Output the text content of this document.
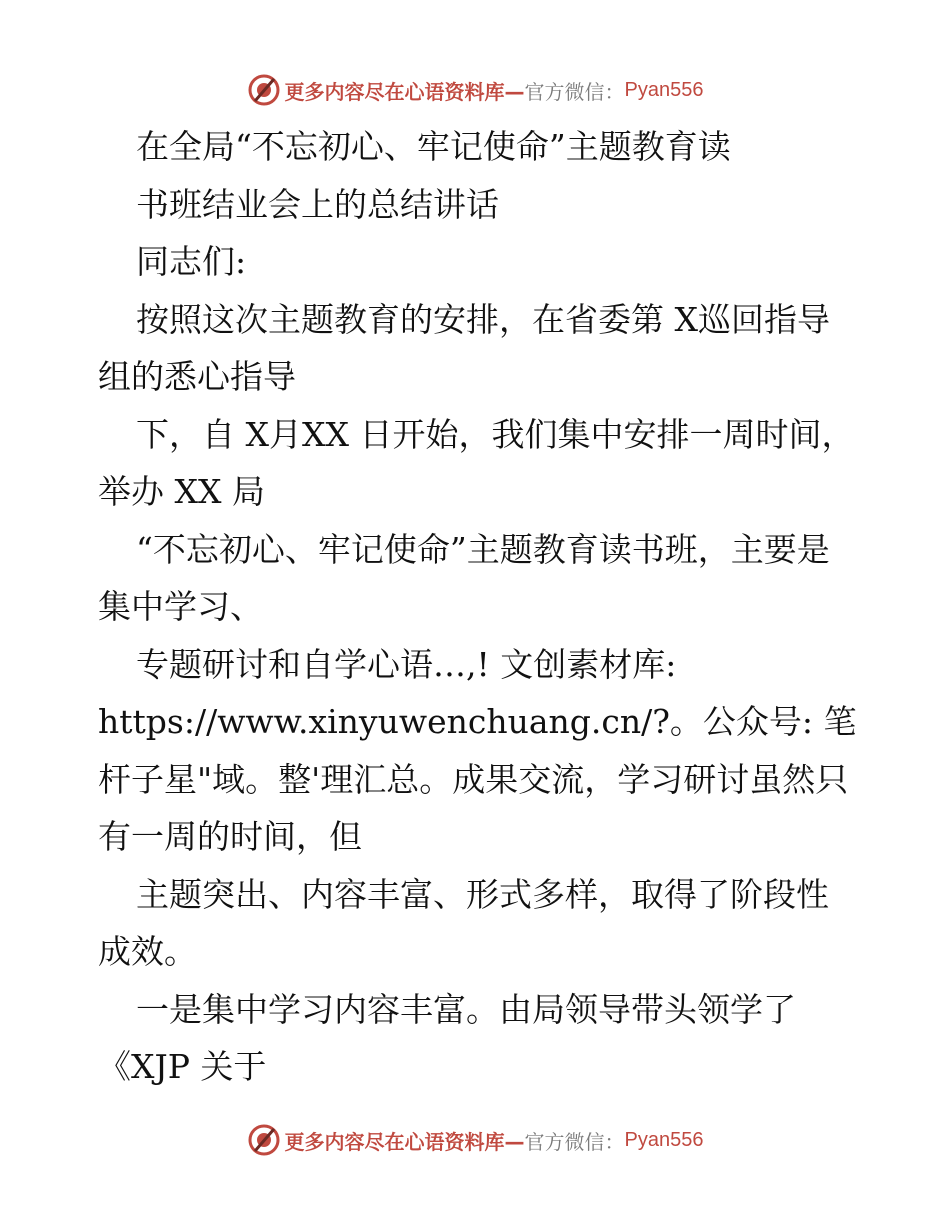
更多内容尽在心语资料库— 官方微信： Pyan556

在全局“不忘初心、牢记使命”主题教育读

书班结业会上的总结讲话

同志们:

按照这次主题教育的安排，在省委第 X巡回指导组的悉心指导

下，自 X月XX 日开始，我们集中安排一周时间，举办 XX 局

“不忘初心、牢记使命”主题教育读书班，主要是集中学习、

专题研讨和自学心语…,! 文创素材库: https://www.xinyuwenchuang.cn/?。公众号: 笔杆子星"域。整'理汇总。成果交流，学习研讨虽然只有一周的时间，但

主题突出、内容丰富、形式多样，取得了阶段性成效。

一是集中学习内容丰富。由局领导带头领学了《XJP 关于

更多内容尽在心语资料库— 官方微信： Pyan556
